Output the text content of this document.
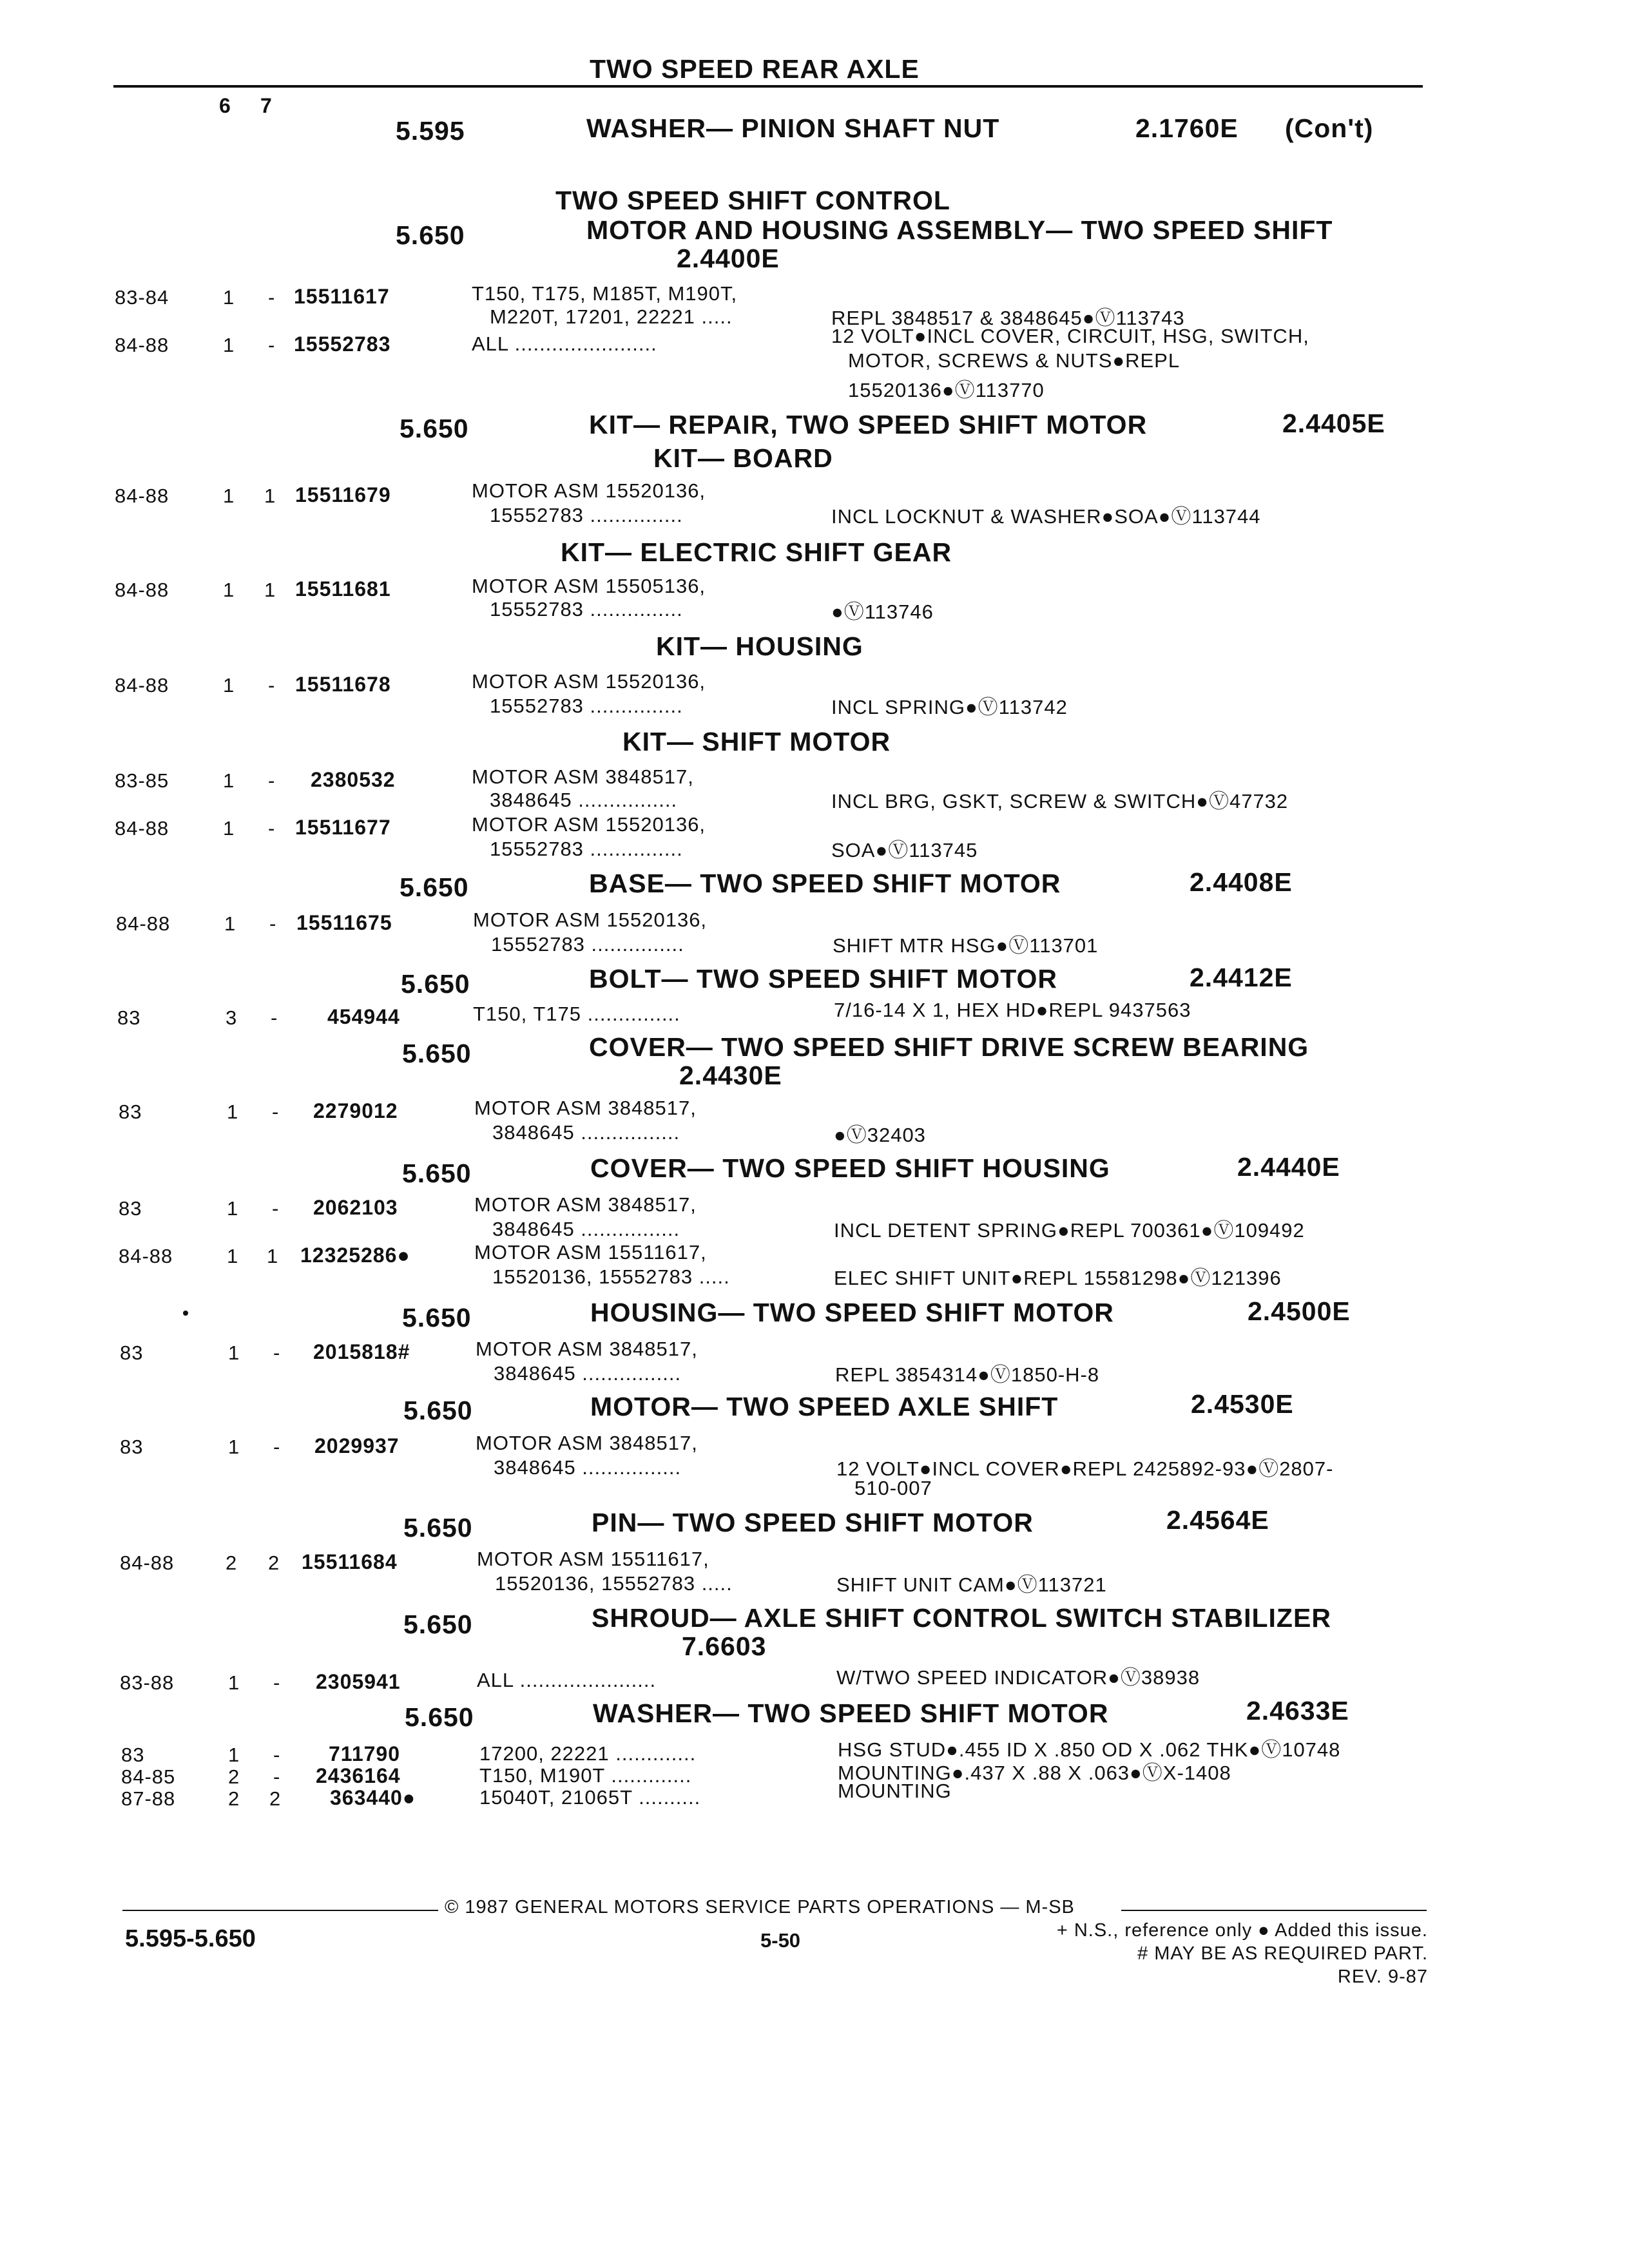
TWO SPEED REAR AXLE
6 7
5.595	WASHER— PINION SHAFT NUT	2.1760E (Con't)
TWO SPEED SHIFT CONTROL
5.650	MOTOR AND HOUSING ASSEMBLY— TWO SPEED SHIFT
2.4400E
83-84	1 - 15511617	T150, T175, M185T, M190T,
M220T, 17201, 22221 .....	REPL 3848517 & 3848645●Ⓥ113743
84-88	1 - 15552783	ALL .......................	12 VOLT●INCL COVER, CIRCUIT, HSG, SWITCH,
MOTOR, SCREWS & NUTS●REPL
15520136●Ⓥ113770
5.650	KIT— REPAIR, TWO SPEED SHIFT MOTOR	2.4405E
KIT— BOARD
84-88	1 1 15511679	MOTOR ASM 15520136,
15552783 ...............	INCL LOCKNUT & WASHER●SOA●Ⓥ113744
KIT— ELECTRIC SHIFT GEAR
84-88	1 1 15511681	MOTOR ASM 15505136,
15552783 ...............	●Ⓥ113746
KIT— HOUSING
84-88	1 - 15511678	MOTOR ASM 15520136,
15552783 ...............	INCL SPRING●Ⓥ113742
KIT— SHIFT MOTOR
83-85	1 - 2380532	MOTOR ASM 3848517,
3848645 ................	INCL BRG, GSKT, SCREW & SWITCH●Ⓥ47732
84-88	1 - 15511677	MOTOR ASM 15520136,
15552783 ...............	SOA●Ⓥ113745
5.650	BASE— TWO SPEED SHIFT MOTOR	2.4408E
84-88	1 - 15511675	MOTOR ASM 15520136,
15552783 ...............	SHIFT MTR HSG●Ⓥ113701
5.650	BOLT— TWO SPEED SHIFT MOTOR	2.4412E
83	3 - 454944	T150, T175 ...............	7/16-14 X 1, HEX HD●REPL 9437563
5.650	COVER— TWO SPEED SHIFT DRIVE SCREW BEARING
2.4430E
83	1 - 2279012	MOTOR ASM 3848517,
3848645 ................	●Ⓥ32403
5.650	COVER— TWO SPEED SHIFT HOUSING	2.4440E
83	1 - 2062103	MOTOR ASM 3848517,
3848645 ................	INCL DETENT SPRING●REPL 700361●Ⓥ109492
84-88	1 1 12325286●	MOTOR ASM 15511617,
15520136, 15552783 .....	ELEC SHIFT UNIT●REPL 15581298●Ⓥ121396
5.650	HOUSING— TWO SPEED SHIFT MOTOR	2.4500E
83	1 - 2015818#	MOTOR ASM 3848517,
3848645 ................	REPL 3854314●Ⓥ1850-H-8
5.650	MOTOR— TWO SPEED AXLE SHIFT	2.4530E
83	1 - 2029937	MOTOR ASM 3848517,
3848645 ................	12 VOLT●INCL COVER●REPL 2425892-93●Ⓥ2807-
510-007
5.650	PIN— TWO SPEED SHIFT MOTOR	2.4564E
84-88	2 2 15511684	MOTOR ASM 15511617,
15520136, 15552783 .....	SHIFT UNIT CAM●Ⓥ113721
5.650	SHROUD— AXLE SHIFT CONTROL SWITCH STABILIZER
7.6603
83-88	1 - 2305941	ALL ......................	W/TWO SPEED INDICATOR●Ⓥ38938
5.650	WASHER— TWO SPEED SHIFT MOTOR	2.4633E
83	1 - 711790	17200, 22221 .............	HSG STUD●.455 ID X .850 OD X .062 THK●Ⓥ10748
84-85	2 - 2436164	T150, M190T .............	MOUNTING●.437 X .88 X .063●ⓋX-1408
87-88	2 2 363440●	15040T, 21065T ..........	MOUNTING
© 1987 GENERAL MOTORS SERVICE PARTS OPERATIONS — M-SB
5.595-5.650	5-50	+ N.S., reference only ● Added this issue.
# MAY BE AS REQUIRED PART.
REV. 9-87
